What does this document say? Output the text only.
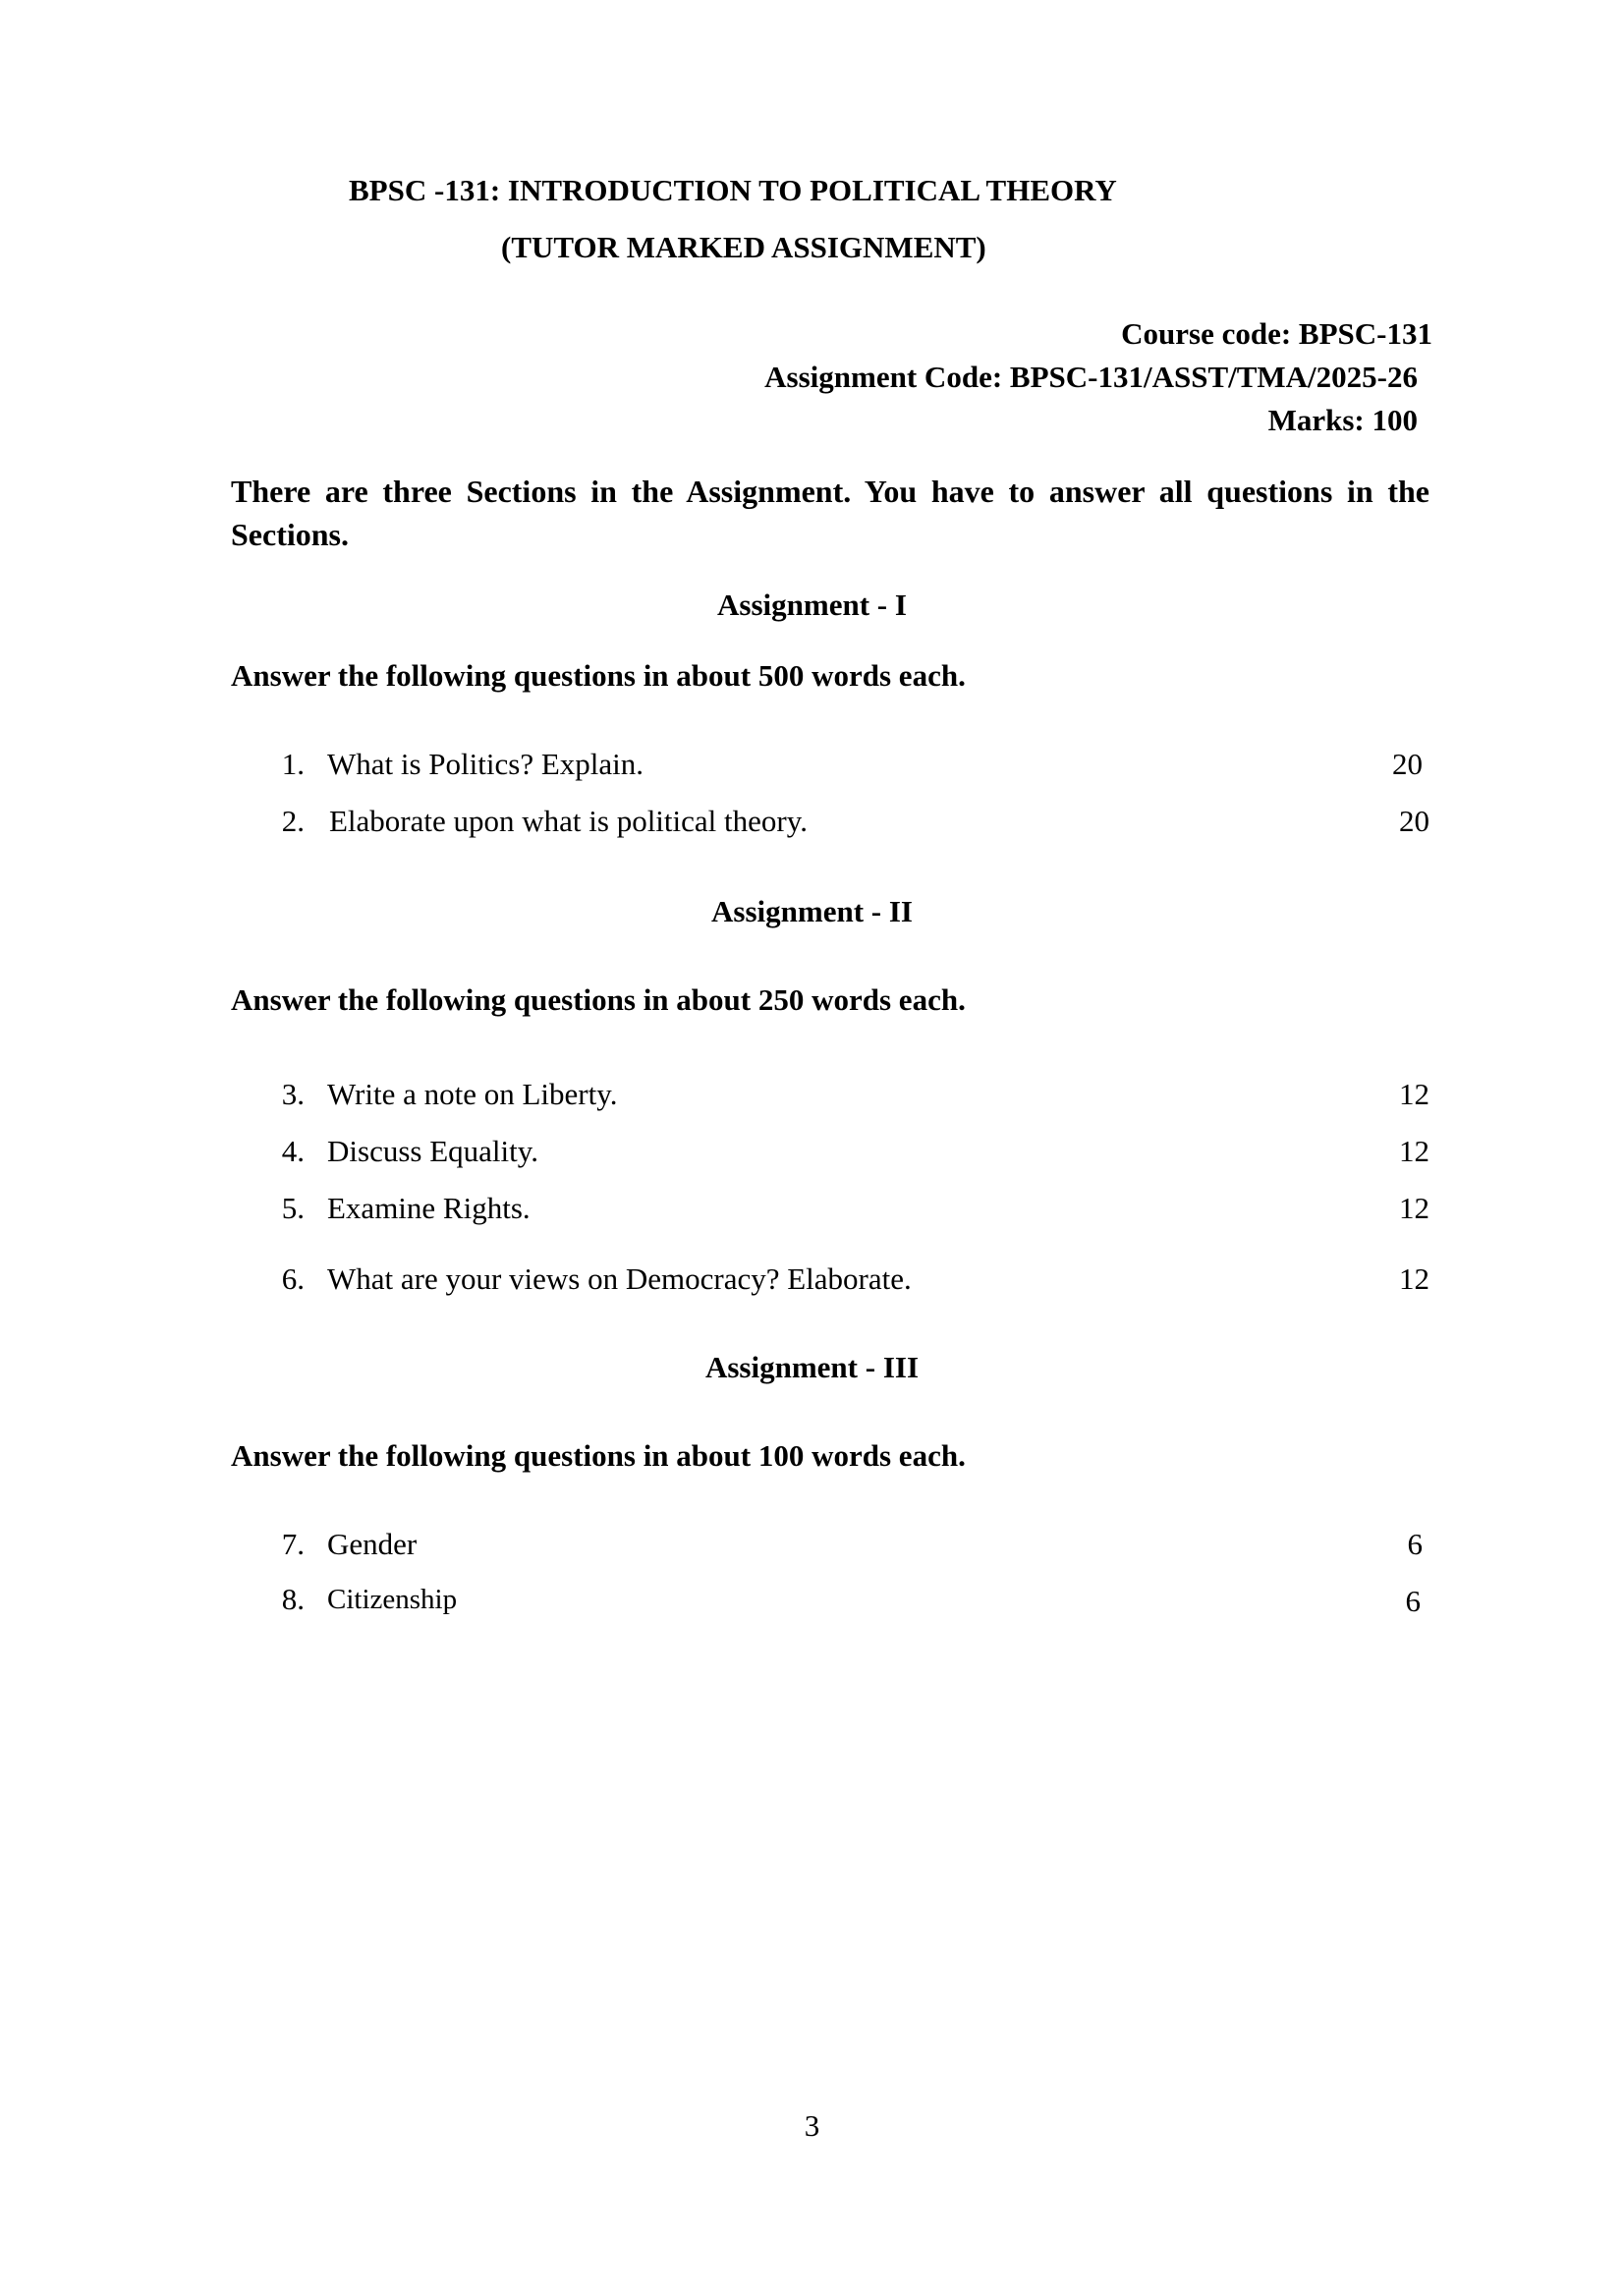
BPSC -131: INTRODUCTION TO POLITICAL THEORY
(TUTOR MARKED ASSIGNMENT)
Course code: BPSC-131
Assignment Code: BPSC-131/ASST/TMA/2025-26
Marks: 100
There are three Sections in the Assignment. You have to answer all questions in the Sections.
Assignment - I
Answer the following questions in about 500 words each.
1. What is Politics? Explain.	20
2. Elaborate upon what is political theory.	20
Assignment - II
Answer the following questions in about 250 words each.
3. Write a note on Liberty.	12
4. Discuss Equality.	12
5. Examine Rights.	12
6. What are your views on Democracy? Elaborate.	12
Assignment - III
Answer the following questions in about 100 words each.
7. Gender	6
8. Citizenship	6
3
